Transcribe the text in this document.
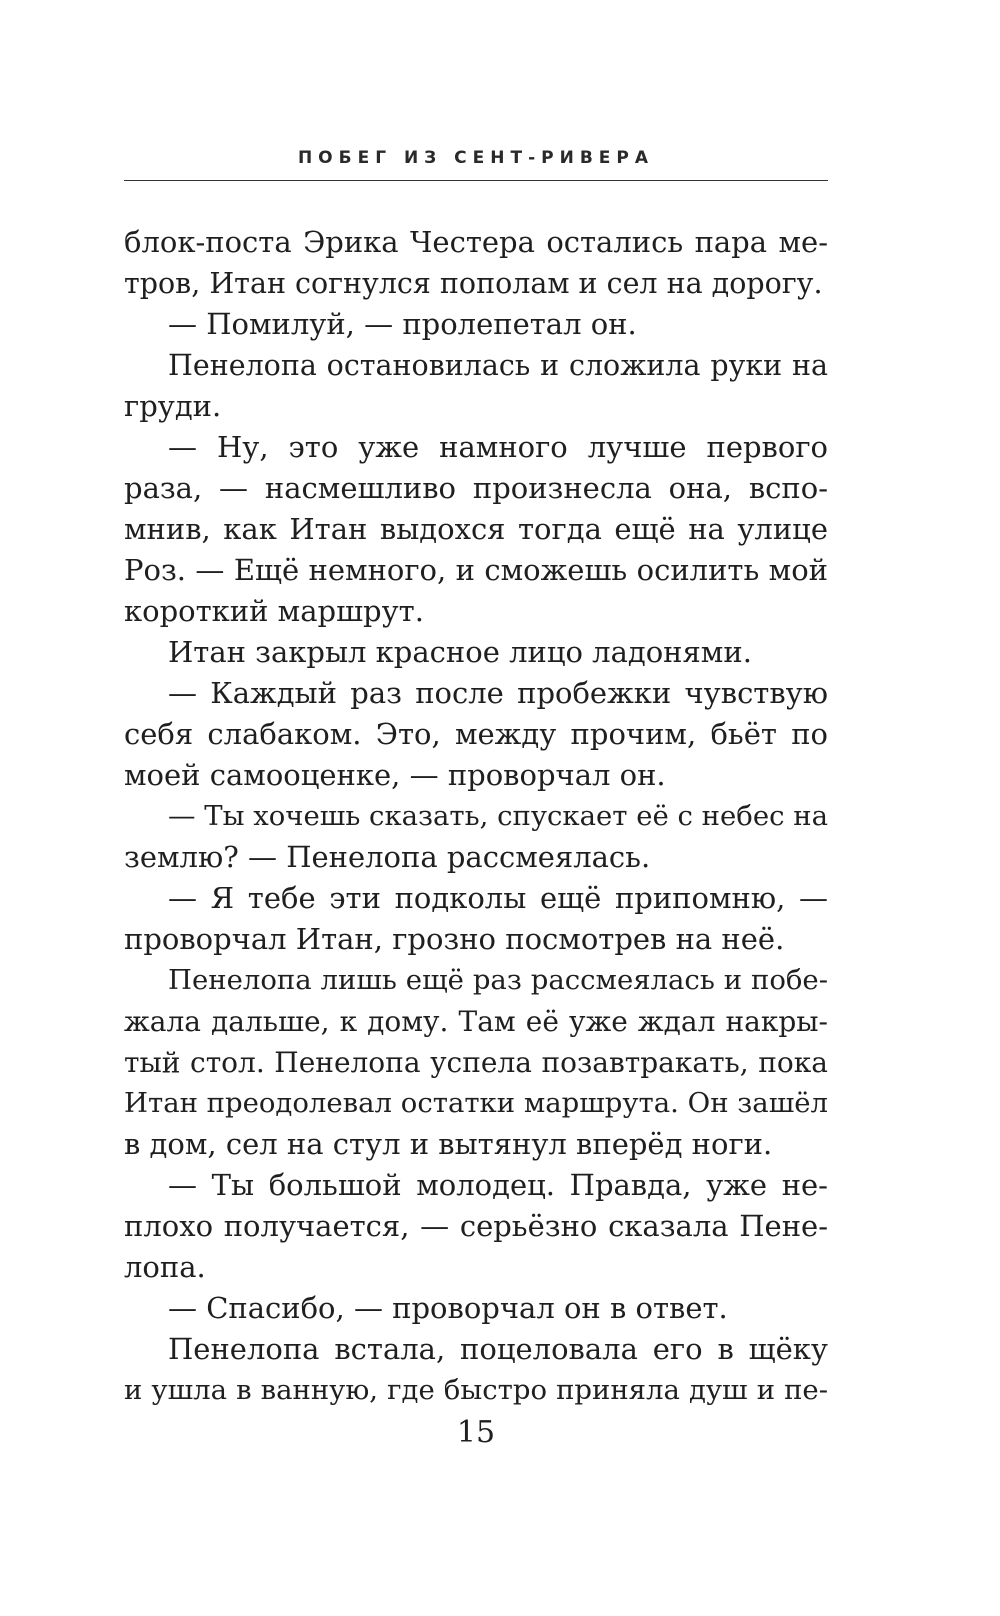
ПОБЕГ ИЗ СЕНТ-РИВЕРА
блок-поста Эрика Честера остались пара ме-
тров, Итан согнулся пополам и сел на дорогу.
— Помилуй, — пролепетал он.
Пенелопа остановилась и сложила руки на
груди.
— Ну, это уже намного лучше первого
раза, — насмешливо произнесла она, вспо-
мнив, как Итан выдохся тогда ещё на улице
Роз. — Ещё немного, и сможешь осилить мой
короткий маршрут.
Итан закрыл красное лицо ладонями.
— Каждый раз после пробежки чувствую
себя слабаком. Это, между прочим, бьёт по
моей самооценке, — проворчал он.
— Ты хочешь сказать, спускает её с небес на
землю? — Пенелопа рассмеялась.
— Я тебе эти подколы ещё припомню, —
проворчал Итан, грозно посмотрев на неё.
Пенелопа лишь ещё раз рассмеялась и побе-
жала дальше, к дому. Там её уже ждал накры-
тый стол. Пенелопа успела позавтракать, пока
Итан преодолевал остатки маршрута. Он зашёл
в дом, сел на стул и вытянул вперёд ноги.
— Ты большой молодец. Правда, уже не-
плохо получается, — серьёзно сказала Пене-
лопа.
— Спасибо, — проворчал он в ответ.
Пенелопа встала, поцеловала его в щёку
и ушла в ванную, где быстро приняла душ и пе-
15
